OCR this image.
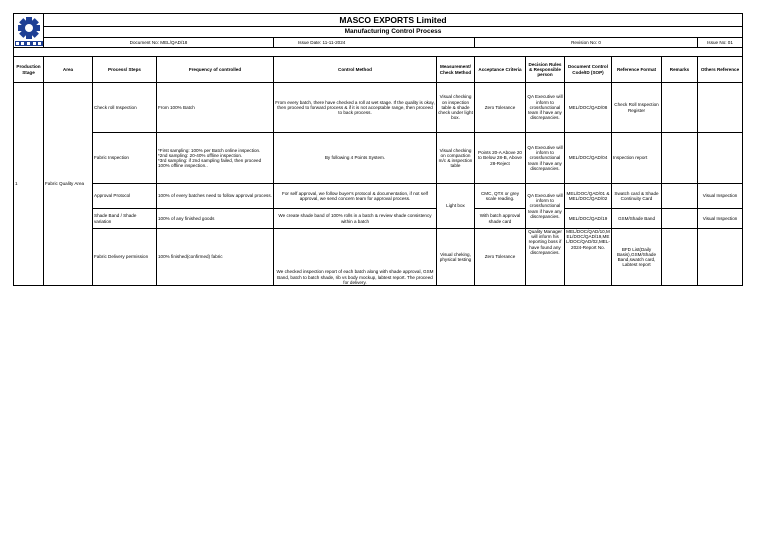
	MASCO EXPORTS Limited										
	Manufacturing Control Process										
	Document No: MEL/QAD/18			Issue Date: 11-11-2024		Revision No: 0					Issue No: 01

Production Stage	Area	Process/ Steps	Frequency of controlled	Control Method	Measurement/ Check Method	Acceptance Criteria	Decision Rules & Responsible person	Document Control Code/ID (SOP)	Reference Format	Remarks	Others Reference
1	Fabric Quality Area	Check roll Inspection	From 100% Batch	From every batch, there have checked a roll at wet stage. If the quality is okay, then proceed to forward process & if it is not acceptable range, then proceed to back process.	Visual checking on inspection table & shade check under light box.	Zero Tolerance	QA Executive will inform to crossfunctional team if have any discrepancies.	MEL/DOC/QAD/08	Check Roll Inspection Register		
		Fabric Inspection	*First sampling: 100% per Batch online inspection.
*2nd sampling: 20-40% offline inspection.
*3rd sampling: if 2nd sampling failed, then proceed 100% offline inspection..	By following 4 Points System.	Visual checking on compaction m/c & inspection table	Points 20-A Above 20 to Below 28-B, Above 28-Reject	QA Executive will inform to crossfunctional team if have any discrepancies.	MEL/DOC/QAD/04	Inspection report		
		Approval Protocol	100% of every batches need to follow approval process.	For self approval, we follow buyer's protocol & documentation, if not self approval, we send concern team for approval process.	Light box	CMC, QTX or grey scale reading.	QA Executive will inform to crossfunctional team if have any discrepancies.	MEL/DOC/QAD/01 & MEL/DOC/QAD/02	Swatch card & Shade Continuity Card		Visual Inspection
		Shade Band / Shade variation	100% of any finished goods	We create shade band of 100% rolls in a batch & review shade consistency within a batch		With batch approval shade card		MEL/DOC/QAD/19	GSM/Shade Band		Visual Inspection
		Fabric Delivery permission	100% finished(confirmed) fabric	We checked inspection report of each batch along with shade approval, GSM Band, batch to batch shade, rib vs body mockup, labtest report. The proceed for delivery.	Visual cheking, physical testing	Zero Tolerance	Quality Manager will inform his reporting boss if have found any discrepancies.	MEL/DOC/QAD/10,MEL/DOC/QAD/19,MEL/DOC/QAD/02,MEL-2024-Report No.	BFD List(Daily Basis),GSM/Shade Band,swatch card, Labtest report		
